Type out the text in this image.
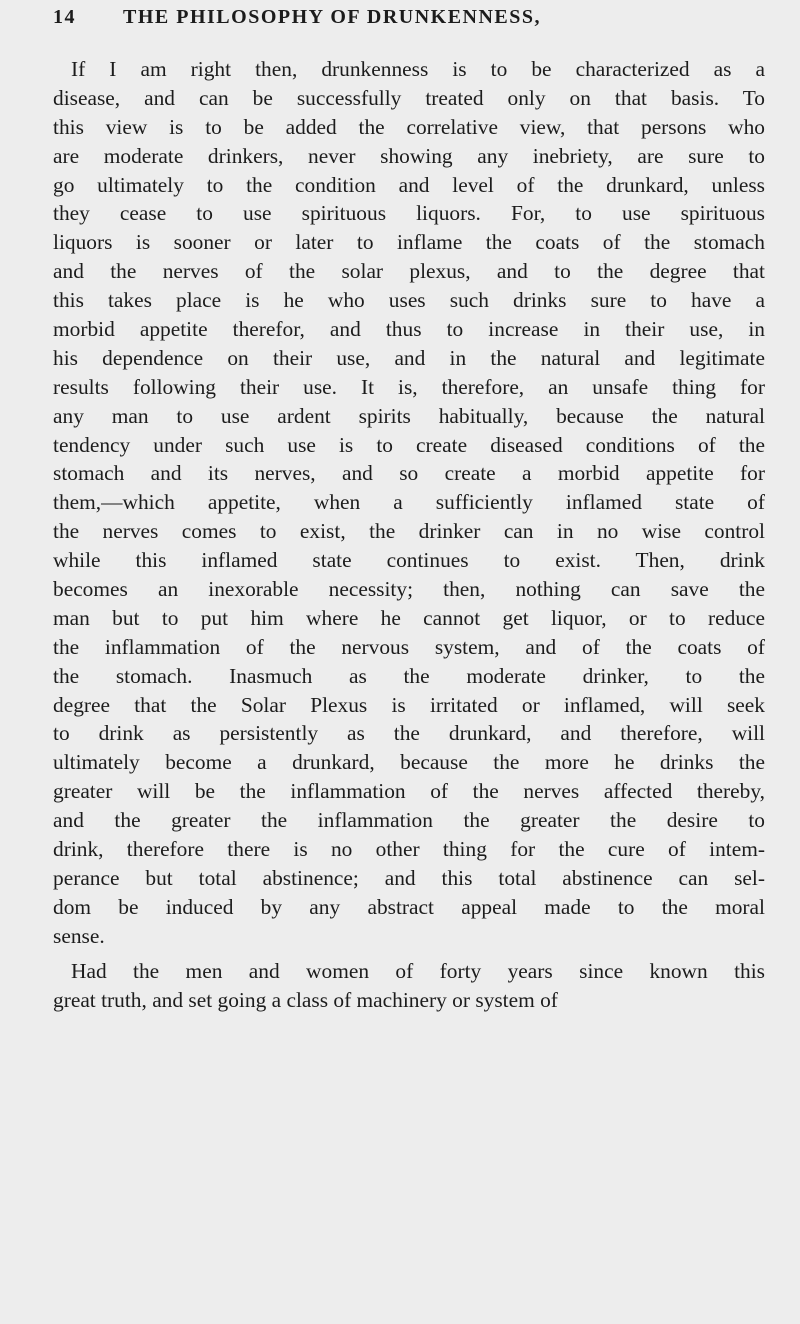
14 THE PHILOSOPHY OF DRUNKENNESS,
If I am right then, drunkenness is to be characterized as a
disease, and can be successfully treated only on that basis. To
this view is to be added the correlative view, that persons who
are moderate drinkers, never showing any inebriety, are sure to
go ultimately to the condition and level of the drunkard, unless
they cease to use spirituous liquors. For, to use spirituous
liquors is sooner or later to inflame the coats of the stomach
and the nerves of the solar plexus, and to the degree that
this takes place is he who uses such drinks sure to have a
morbid appetite therefor, and thus to increase in their use, in
his dependence on their use, and in the natural and legitimate
results following their use. It is, therefore, an unsafe thing for
any man to use ardent spirits habitually, because the natural
tendency under such use is to create diseased conditions of the
stomach and its nerves, and so create a morbid appetite for
them,—which appetite, when a sufficiently inflamed state of
the nerves comes to exist, the drinker can in no wise control
while this inflamed state continues to exist. Then, drink
becomes an inexorable necessity; then, nothing can save the
man but to put him where he cannot get liquor, or to reduce
the inflammation of the nervous system, and of the coats of
the stomach. Inasmuch as the moderate drinker, to the
degree that the Solar Plexus is irritated or inflamed, will seek
to drink as persistently as the drunkard, and therefore, will
ultimately become a drunkard, because the more he drinks the
greater will be the inflammation of the nerves affected thereby,
and the greater the inflammation the greater the desire to
drink, therefore there is no other thing for the cure of intem-
perance but total abstinence; and this total abstinence can sel-
dom be induced by any abstract appeal made to the moral
sense.
Had the men and women of forty years since known this
great truth, and set going a class of machinery or system of
